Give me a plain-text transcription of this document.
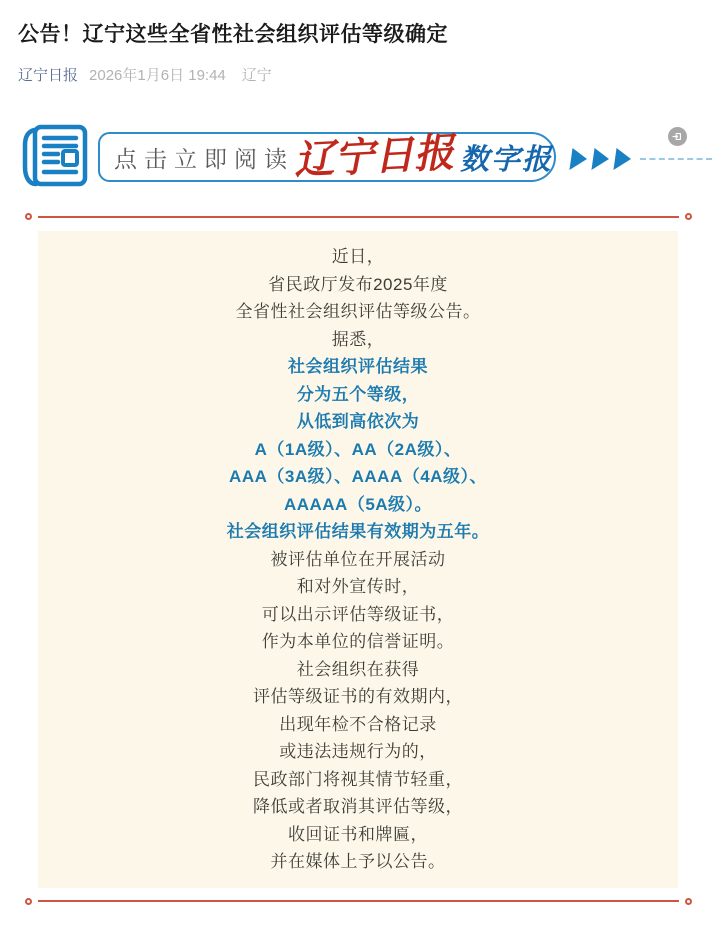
公告！辽宁这些全省性社会组织评估等级确定
辽宁日报 2026年1月6日 19:44 辽宁
点击立即阅读
辽宁日报 数字报

近日，

省民政厅发布2025年度

全省性社会组织评估等级公告。

据悉，

社会组织评估结果

分为五个等级，

从低到高依次为

A（1A级）、AA（2A级）、

AAA（3A级）、AAAA（4A级）、

AAAAA（5A级）。

社会组织评估结果有效期为五年。

被评估单位在开展活动

和对外宣传时，

可以出示评估等级证书，

作为本单位的信誉证明。

社会组织在获得

评估等级证书的有效期内，

出现年检不合格记录

或违法违规行为的，

民政部门将视其情节轻重，

降低或者取消其评估等级，

收回证书和牌匾，

并在媒体上予以公告。
